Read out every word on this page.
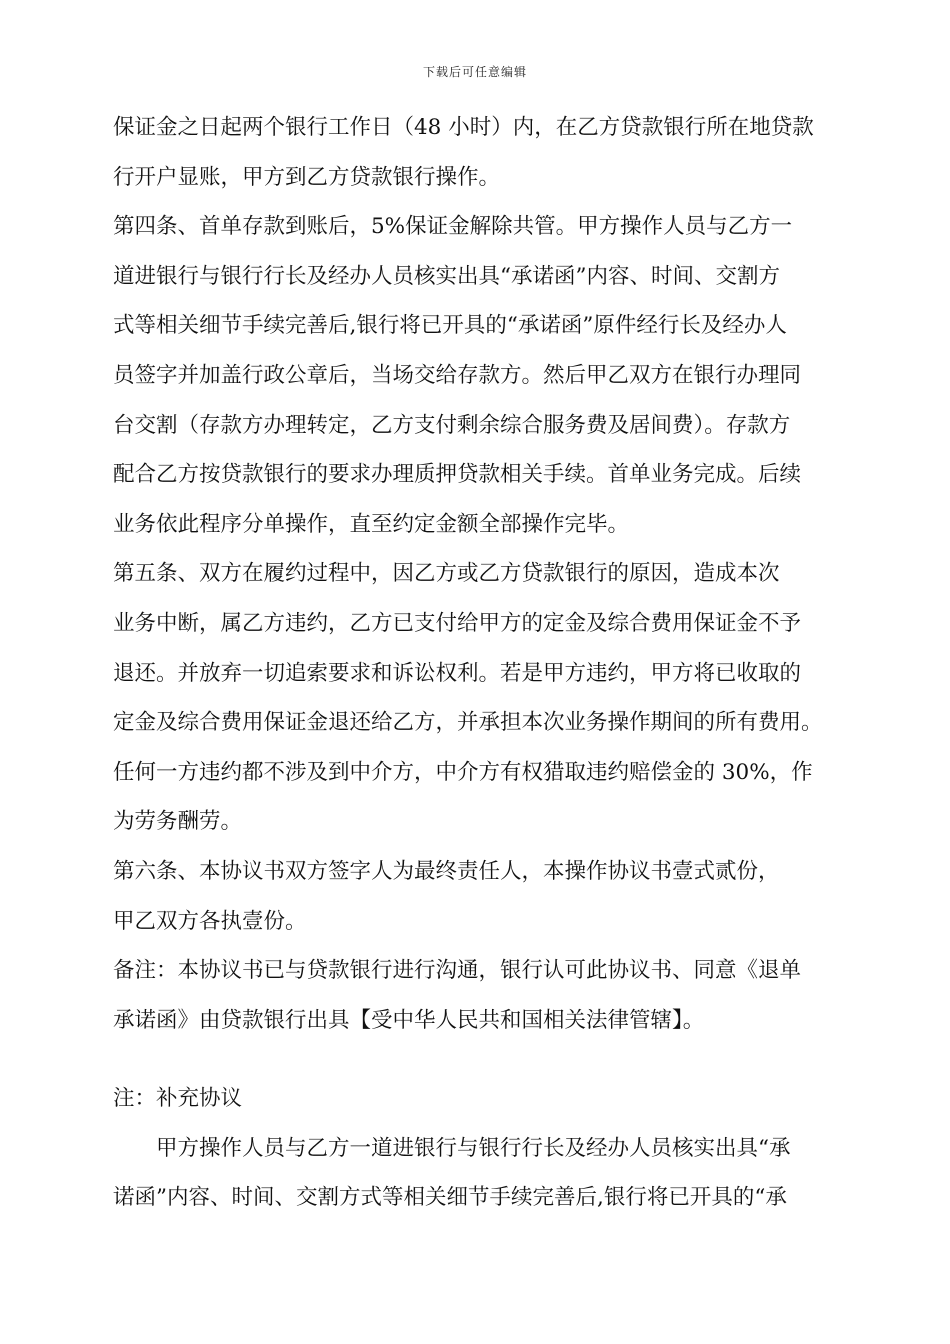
下载后可任意编辑
保证金之日起两个银行工作日（48 小时）内，在乙方贷款银行所在地贷款
行开户显账，甲方到乙方贷款银行操作。
第四条、首单存款到账后，5%保证金解除共管。甲方操作人员与乙方一
道进银行与银行行长及经办人员核实出具“承诺函”内容、时间、交割方
式等相关细节手续完善后,银行将已开具的“承诺函”原件经行长及经办人
员签字并加盖行政公章后，当场交给存款方。然后甲乙双方在银行办理同
台交割（存款方办理转定，乙方支付剩余综合服务费及居间费）。存款方
配合乙方按贷款银行的要求办理质押贷款相关手续。首单业务完成。后续
业务依此程序分单操作，直至约定金额全部操作完毕。
第五条、双方在履约过程中，因乙方或乙方贷款银行的原因，造成本次
业务中断，属乙方违约，乙方已支付给甲方的定金及综合费用保证金不予
退还。并放弃一切追索要求和诉讼权利。若是甲方违约，甲方将已收取的
定金及综合费用保证金退还给乙方，并承担本次业务操作期间的所有费用。
任何一方违约都不涉及到中介方，中介方有权猎取违约赔偿金的 30%，作
为劳务酬劳。
第六条、本协议书双方签字人为最终责任人，本操作协议书壹式贰份，
甲乙双方各执壹份。
备注：本协议书已与贷款银行进行沟通，银行认可此协议书、同意《退单
承诺函》由贷款银行出具【受中华人民共和国相关法律管辖】。
注：补充协议
　　甲方操作人员与乙方一道进银行与银行行长及经办人员核实出具“承
诺函”内容、时间、交割方式等相关细节手续完善后,银行将已开具的“承
